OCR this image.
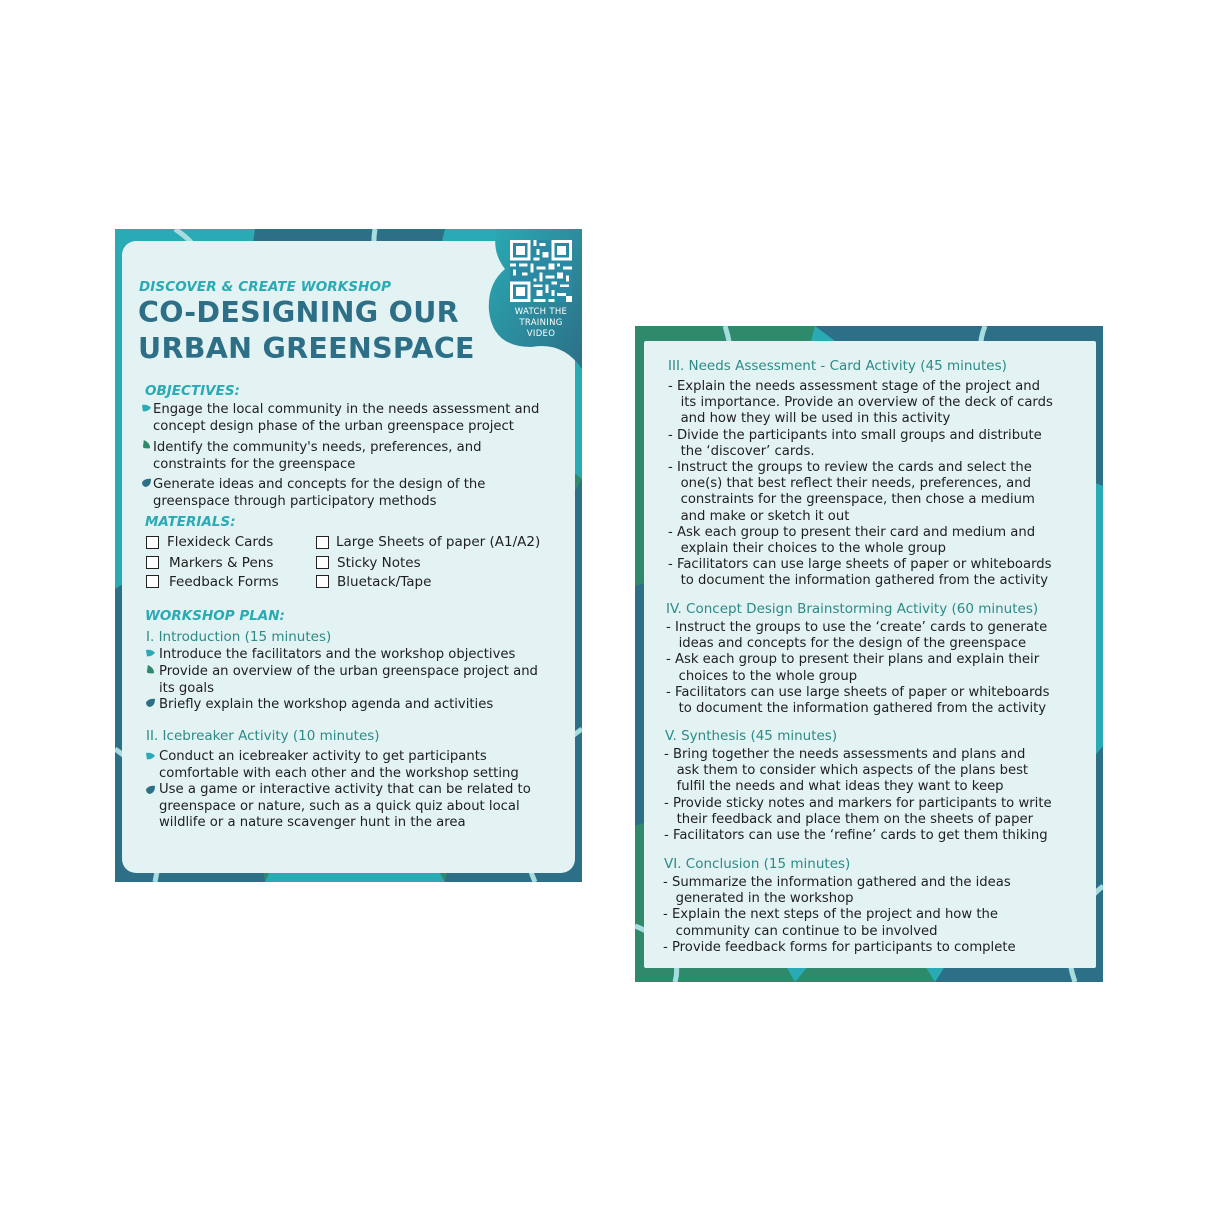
WATCH THE
TRAINING
VIDEO
DISCOVER & CREATE WORKSHOP
CO-DESIGNING OUR
URBAN GREENSPACE
OBJECTIVES:
Engage the local community in the needs assessment and
concept design phase of the urban greenspace project
Identify the community's needs, preferences, and
constraints for the greenspace
Generate ideas and concepts for the design of the
greenspace through participatory methods
MATERIALS:
Flexideck Cards
Markers & Pens
Feedback Forms
Large Sheets of paper (A1/A2)
Sticky Notes
Bluetack/Tape
WORKSHOP PLAN:
I. Introduction (15 minutes)
Introduce the facilitators and the workshop objectives
Provide an overview of the urban greenspace project and
its goals
Briefly explain the workshop agenda and activities
II. Icebreaker Activity (10 minutes)
Conduct an icebreaker activity to get participants
comfortable with each other and the workshop setting
Use a game or interactive activity that can be related to
greenspace or nature, such as a quick quiz about local
wildlife or a nature scavenger hunt in the area
III. Needs Assessment - Card Activity (45 minutes)
- Explain the needs assessment stage of the project and
its importance. Provide an overview of the deck of cards
and how they will be used in this activity
- Divide the participants into small groups and distribute
the ‘discover’ cards.
- Instruct the groups to review the cards and select the
one(s) that best reflect their needs, preferences, and
constraints for the greenspace, then chose a medium
and make or sketch it out
- Ask each group to present their card and medium and
explain their choices to the whole group
- Facilitators can use large sheets of paper or whiteboards
to document the information gathered from the activity
IV. Concept Design Brainstorming Activity (60 minutes)
- Instruct the groups to use the ‘create’ cards to generate
ideas and concepts for the design of the greenspace
- Ask each group to present their plans and explain their
choices to the whole group
- Facilitators can use large sheets of paper or whiteboards
to document the information gathered from the activity
V. Synthesis (45 minutes)
- Bring together the needs assessments and plans and
ask them to consider which aspects of the plans best
fulfil the needs and what ideas they want to keep
- Provide sticky notes and markers for participants to write
their feedback and place them on the sheets of paper
- Facilitators can use the ‘refine’ cards to get them thiking
VI. Conclusion (15 minutes)
- Summarize the information gathered and the ideas
generated in the workshop
- Explain the next steps of the project and how the
community can continue to be involved
- Provide feedback forms for participants to complete
